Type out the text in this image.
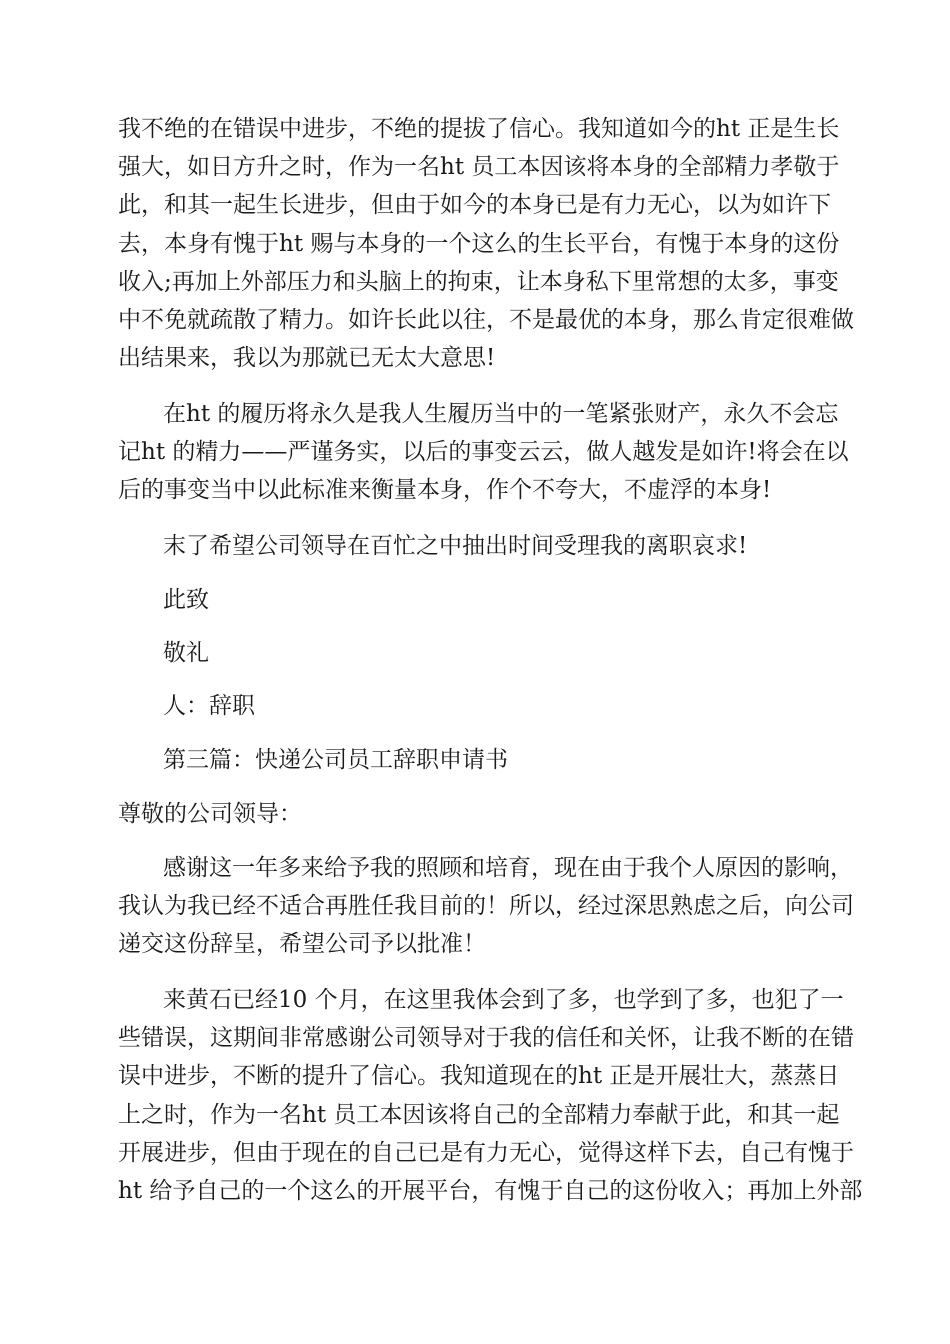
我不绝的在错误中进步，不绝的提拔了信心。我知道如今的ht 正是生长

强大，如日方升之时，作为一名ht 员工本因该将本身的全部精力孝敬于

此，和其一起生长进步，但由于如今的本身已是有力无心，以为如许下

去，本身有愧于ht 赐与本身的一个这么的生长平台，有愧于本身的这份

收入;再加上外部压力和头脑上的拘束，让本身私下里常想的太多，事变

中不免就疏散了精力。如许长此以往，不是最优的本身，那么肯定很难做

出结果来，我以为那就已无太大意思!

在ht 的履历将永久是我人生履历当中的一笔紧张财产，永久不会忘

记ht 的精力——严谨务实，以后的事变云云，做人越发是如许!将会在以

后的事变当中以此标准来衡量本身，作个不夸大，不虚浮的本身!

末了希望公司领导在百忙之中抽出时间受理我的离职哀求!

此致

敬礼

人：辞职

第三篇：快递公司员工辞职申请书

尊敬的公司领导：

感谢这一年多来给予我的照顾和培育，现在由于我个人原因的影响，

我认为我已经不适合再胜任我目前的！所以，经过深思熟虑之后，向公司

递交这份辞呈，希望公司予以批准！

来黄石已经10 个月，在这里我体会到了多，也学到了多，也犯了一

些错误，这期间非常感谢公司领导对于我的信任和关怀，让我不断的在错

误中进步，不断的提升了信心。我知道现在的ht 正是开展壮大，蒸蒸日

上之时，作为一名ht 员工本因该将自己的全部精力奉献于此，和其一起

开展进步，但由于现在的自己已是有力无心，觉得这样下去，自己有愧于

ht 给予自己的一个这么的开展平台，有愧于自己的这份收入；再加上外部
